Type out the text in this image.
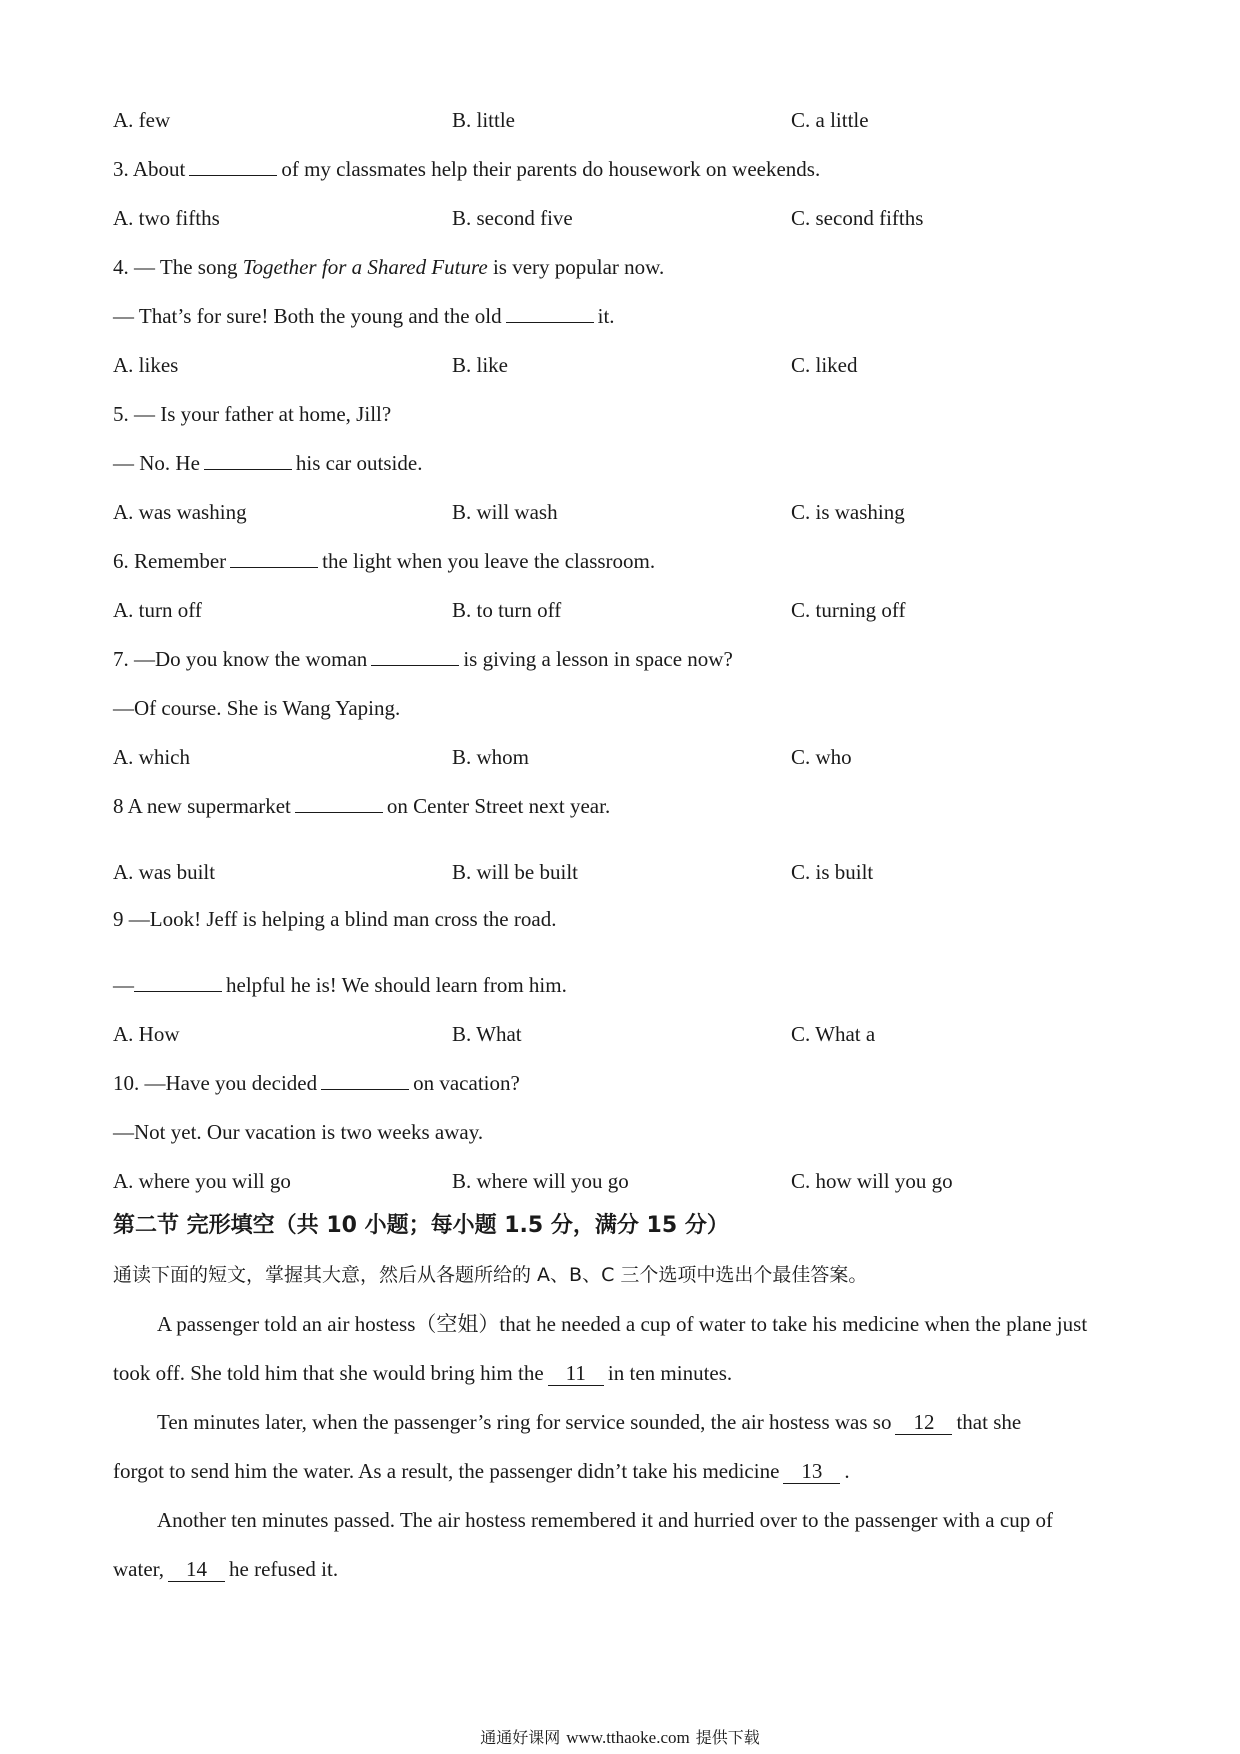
A. few	B. little	C. a little
3. About	of my classmates help their parents do housework on weekends.
A. two fifths	B. second five	C. second fifths
4. — The song Together for a Shared Future is very popular now.
— That’s for sure! Both the young and the old	it.
A. likes	B. like	C. liked
5. — Is your father at home, Jill?
— No. He	his car outside.
A. was washing	B. will wash	C. is washing
6. Remember	the light when you leave the classroom.
A. turn off	B. to turn off	C. turning off
7. —Do you know the woman	is giving a lesson in space now?
—Of course. She is Wang Yaping.
A. which	B. whom	C. who
8 A new supermarket	on Center Street next year.
A. was built	B. will be built	C. is built
9 —Look! Jeff is helping a blind man cross the road.
—	helpful he is! We should learn from him.
A. How	B. What	C. What a
10. —Have you decided	on vacation?
—Not yet. Our vacation is two weeks away.
A. where you will go	B. where will you go	C. how will you go
第二节 完形填空（共 10 小题；每小题 1.5 分，满分 15 分）
通读下面的短文，掌握其大意，然后从各题所给的 A、B、C 三个选项中选出个最佳答案。
A passenger told an air hostess（空姐）that he needed a cup of water to take his medicine when the plane just
took off. She told him that she would bring him the 11 in ten minutes.
Ten minutes later, when the passenger’s ring for service sounded, the air hostess was so 12 that she
forgot to send him the water. As a result, the passenger didn’t take his medicine 13 .
Another ten minutes passed. The air hostess remembered it and hurried over to the passenger with a cup of
water, 14 he refused it.
通通好课网 www.tthaoke.com 提供下载
